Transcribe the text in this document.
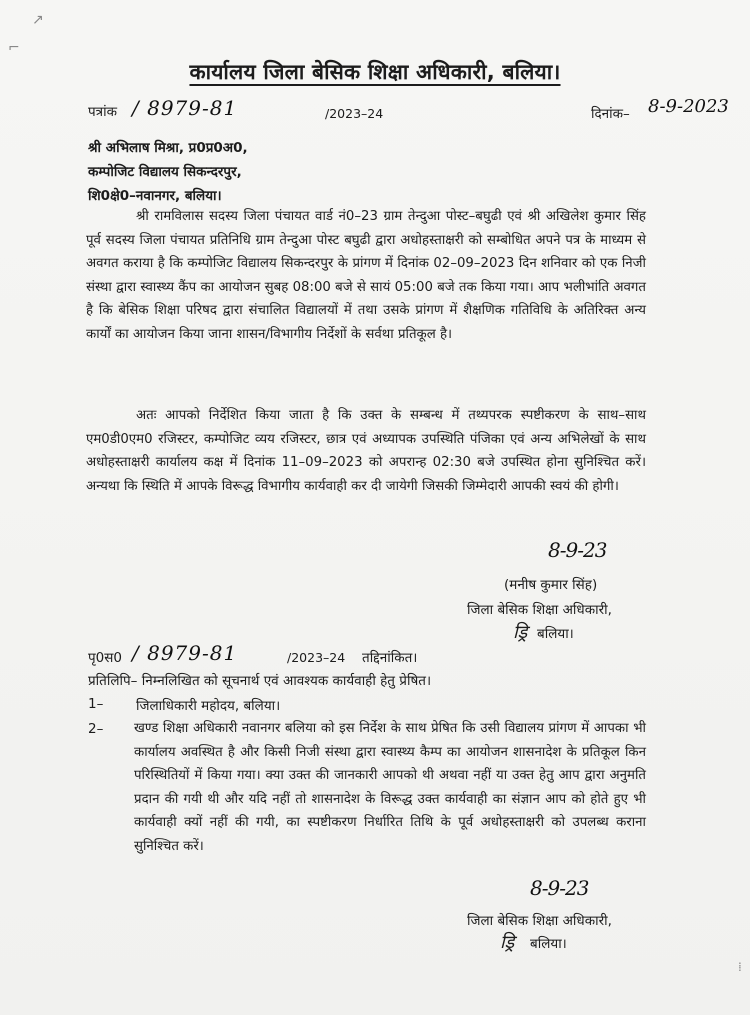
⌐
↗
कार्यालय जिला बेसिक शिक्षा अधिकारी, बलिया।
पत्रांक / 8979-81	/2023–24	दिनांक– 8-9-2023
श्री अभिलाष मिश्रा, प्र0प्र0अ0,
कम्पोजिट विद्यालय सिकन्दरपुर,
शि0क्षे0–नवानगर, बलिया।
श्री रामविलास सदस्य जिला पंचायत वार्ड नं0–23 ग्राम तेन्दुआ पोस्ट–बघुढी एवं श्री अखिलेश कुमार सिंह पूर्व सदस्य जिला पंचायत प्रतिनिधि ग्राम तेन्दुआ पोस्ट बघुढी द्वारा अधोहस्ताक्षरी को सम्बोधित अपने पत्र के माध्यम से अवगत कराया है कि कम्पोजिट विद्यालय सिकन्दरपुर के प्रांगण में दिनांक 02–09–2023 दिन शनिवार को एक निजी संस्था द्वारा स्वास्थ्य कैंप का आयोजन सुबह 08:00 बजे से सायं 05:00 बजे तक किया गया। आप भलीभांति अवगत है कि बेसिक शिक्षा परिषद द्वारा संचालित विद्यालयों में तथा उसके प्रांगण में शैक्षणिक गतिविधि के अतिरिक्त अन्य कार्यों का आयोजन किया जाना शासन/विभागीय निर्देशों के सर्वथा प्रतिकूल है।
अतः आपको निर्देशित किया जाता है कि उक्त के सम्बन्ध में तथ्यपरक स्पष्टीकरण के साथ–साथ एम0डी0एम0 रजिस्टर, कम्पोजिट व्यय रजिस्टर, छात्र एवं अध्यापक उपस्थिति पंजिका एवं अन्य अभिलेखों के साथ अधोहस्ताक्षरी कार्यालय कक्ष में दिनांक 11–09–2023 को अपरान्ह 02:30 बजे उपस्थित होना सुनिश्चित करें। अन्यथा कि स्थिति में आपके विरूद्ध विभागीय कार्यवाही कर दी जायेगी जिसकी जिम्मेदारी आपकी स्वयं की होगी।
8-9-23
(मनीष कुमार सिंह)
जिला बेसिक शिक्षा अधिकारी,
ड्रि बलिया।
पृ0स0 / 8979-81	/2023–24 तद्दिनांकित।
प्रतिलिपि– निम्नलिखित को सूचनार्थ एवं आवश्यक कार्यवाही हेतु प्रेषित।
1– जिलाधिकारी महोदय, बलिया।
2– खण्ड शिक्षा अधिकारी नवानगर बलिया को इस निर्देश के साथ प्रेषित कि उसी विद्यालय प्रांगण में आपका भी कार्यालय अवस्थित है और किसी निजी संस्था द्वारा स्वास्थ्य कैम्प का आयोजन शासनादेश के प्रतिकूल किन परिस्थितियों में किया गया। क्या उक्त की जानकारी आपको थी अथवा नहीं या उक्त हेतु आप द्वारा अनुमति प्रदान की गयी थी और यदि नहीं तो शासनादेश के विरूद्ध उक्त कार्यवाही का संज्ञान आप को होते हुए भी कार्यवाही क्यों नहीं की गयी, का स्पष्टीकरण निर्धारित तिथि के पूर्व अधोहस्ताक्षरी को उपलब्ध कराना सुनिश्चित करें।
8-9-23
जिला बेसिक शिक्षा अधिकारी,
ड्रि बलिया।
⁞
